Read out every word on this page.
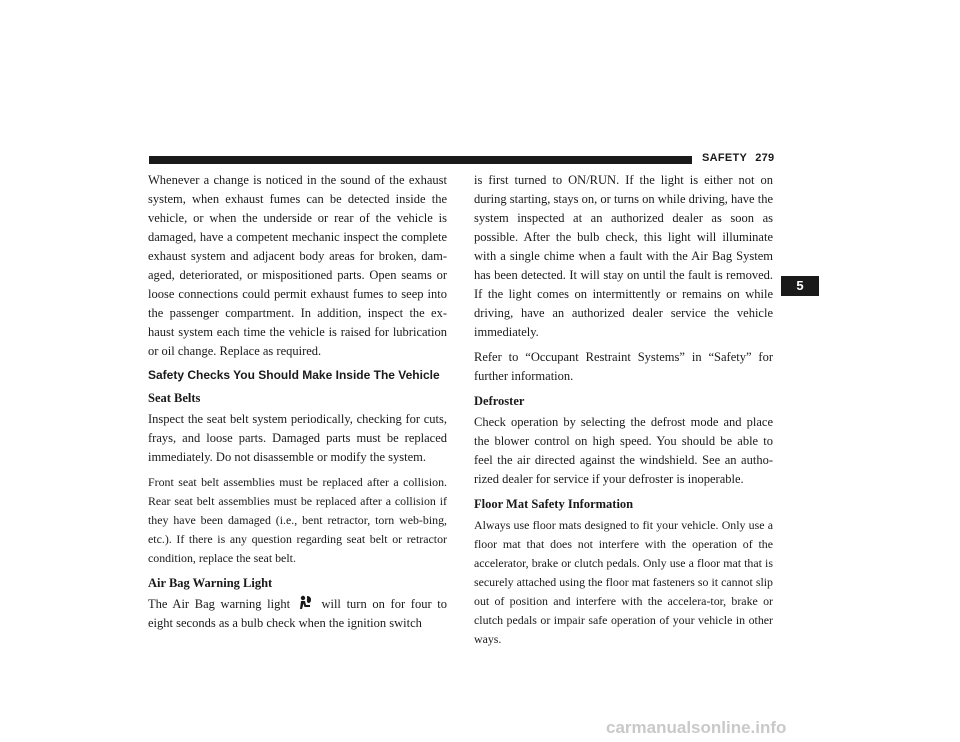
SAFETY 279
5

Whenever a change is noticed in the sound of the exhaust system, when exhaust fumes can be detected inside the vehicle, or when the underside or rear of the vehicle is damaged, have a competent mechanic inspect the complete exhaust system and adjacent body areas for broken, dam-aged, deteriorated, or mispositioned parts. Open seams or loose connections could permit exhaust fumes to seep into the passenger compartment. In addition, inspect the ex-haust system each time the vehicle is raised for lubrication or oil change. Replace as required.

Safety Checks You Should Make Inside The Vehicle
Seat Belts

Inspect the seat belt system periodically, checking for cuts, frays, and loose parts. Damaged parts must be replaced immediately. Do not disassemble or modify the system.

Front seat belt assemblies must be replaced after a collision. Rear seat belt assemblies must be replaced after a collision if they have been damaged (i.e., bent retractor, torn web-bing, etc.). If there is any question regarding seat belt or retractor condition, replace the seat belt.

Air Bag Warning Light

The Air Bag warning light	will turn on for four to eight seconds as a bulb check when the ignition switch

is first turned to ON/RUN. If the light is either not on during starting, stays on, or turns on while driving, have the system inspected at an authorized dealer as soon as possible. After the bulb check, this light will illuminate with a single chime when a fault with the Air Bag System has been detected. It will stay on until the fault is removed. If the light comes on intermittently or remains on while driving, have an authorized dealer service the vehicle immediately.

Refer to “Occupant Restraint Systems” in “Safety” for further information.

Defroster

Check operation by selecting the defrost mode and place the blower control on high speed. You should be able to feel the air directed against the windshield. See an autho-rized dealer for service if your defroster is inoperable.

Floor Mat Safety Information

Always use floor mats designed to fit your vehicle. Only use a floor mat that does not interfere with the operation of the accelerator, brake or clutch pedals. Only use a floor mat that is securely attached using the floor mat fasteners so it cannot slip out of position and interfere with the accelera-tor, brake or clutch pedals or impair safe operation of your vehicle in other ways.

carmanualsonline.info
